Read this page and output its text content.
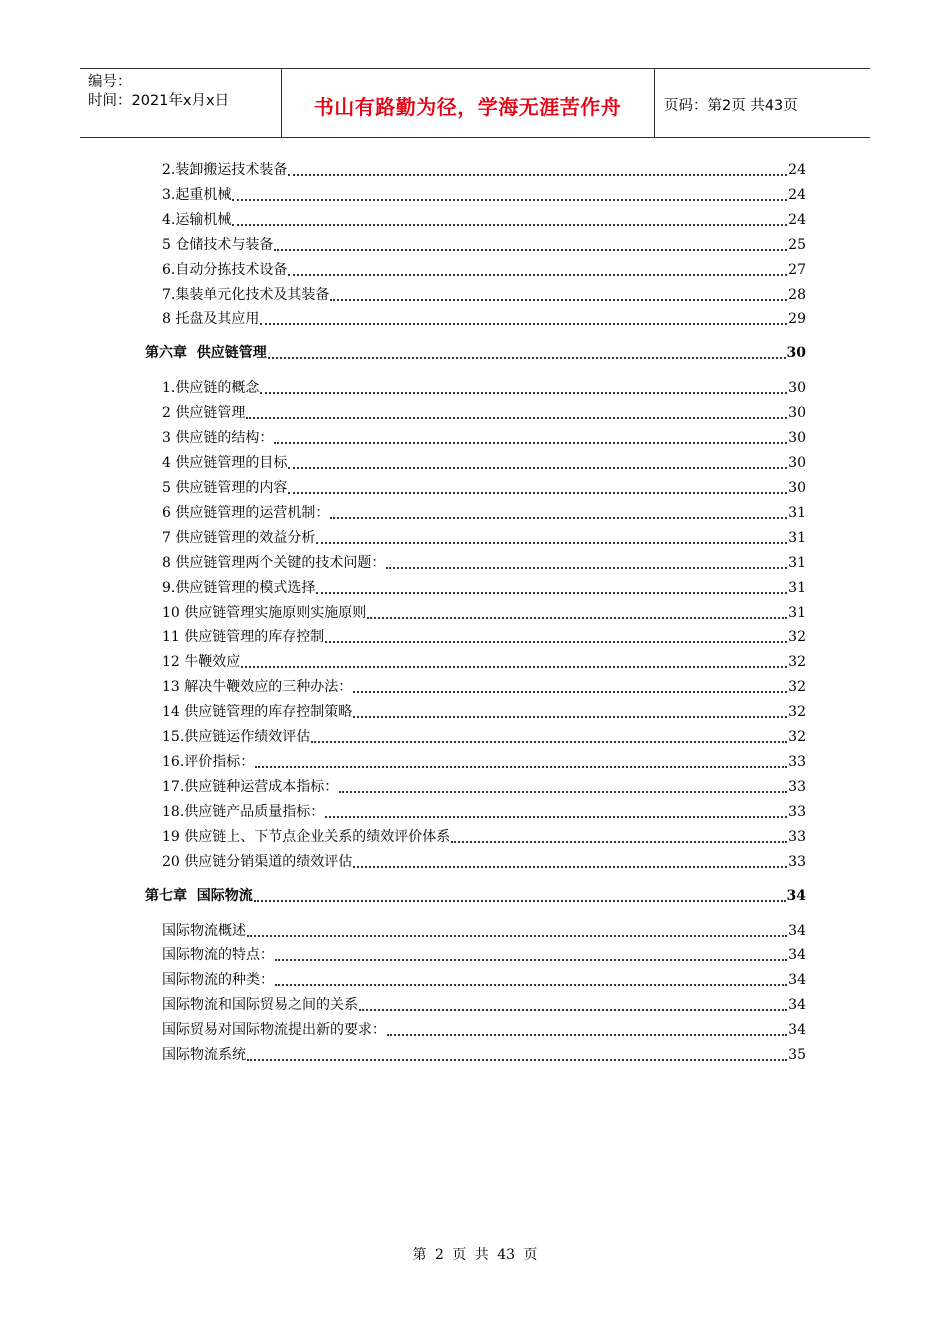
编号：
时间：2021年x月x日	书山有路勤为径，学海无涯苦作舟	页码：第2页 共43页
2.装卸搬运技术装备	24
3.起重机械	24
4.运输机械	24
5 仓储技术与装备	25
6.自动分拣技术设备	27
7.集装单元化技术及其装备	28
8 托盘及其应用	29
第六章  供应链管理	30
1.供应链的概念	30
2 供应链管理	30
3 供应链的结构：	30
4 供应链管理的目标	30
5 供应链管理的内容	30
6 供应链管理的运营机制：	31
7 供应链管理的效益分析	31
8 供应链管理两个关键的技术问题：	31
9.供应链管理的模式选择	31
10 供应链管理实施原则实施原则	31
11 供应链管理的库存控制	32
12 牛鞭效应	32
13 解决牛鞭效应的三种办法：	32
14 供应链管理的库存控制策略	32
15.供应链运作绩效评估	32
16.评价指标：	33
17.供应链种运营成本指标：	33
18.供应链产品质量指标：	33
19 供应链上、下节点企业关系的绩效评价体系	33
20 供应链分销渠道的绩效评估	33
第七章  国际物流	34
国际物流概述	34
国际物流的特点：	34
国际物流的种类：	34
国际物流和国际贸易之间的关系	34
国际贸易对国际物流提出新的要求：	34
国际物流系统	35
第 2 页 共 43 页
